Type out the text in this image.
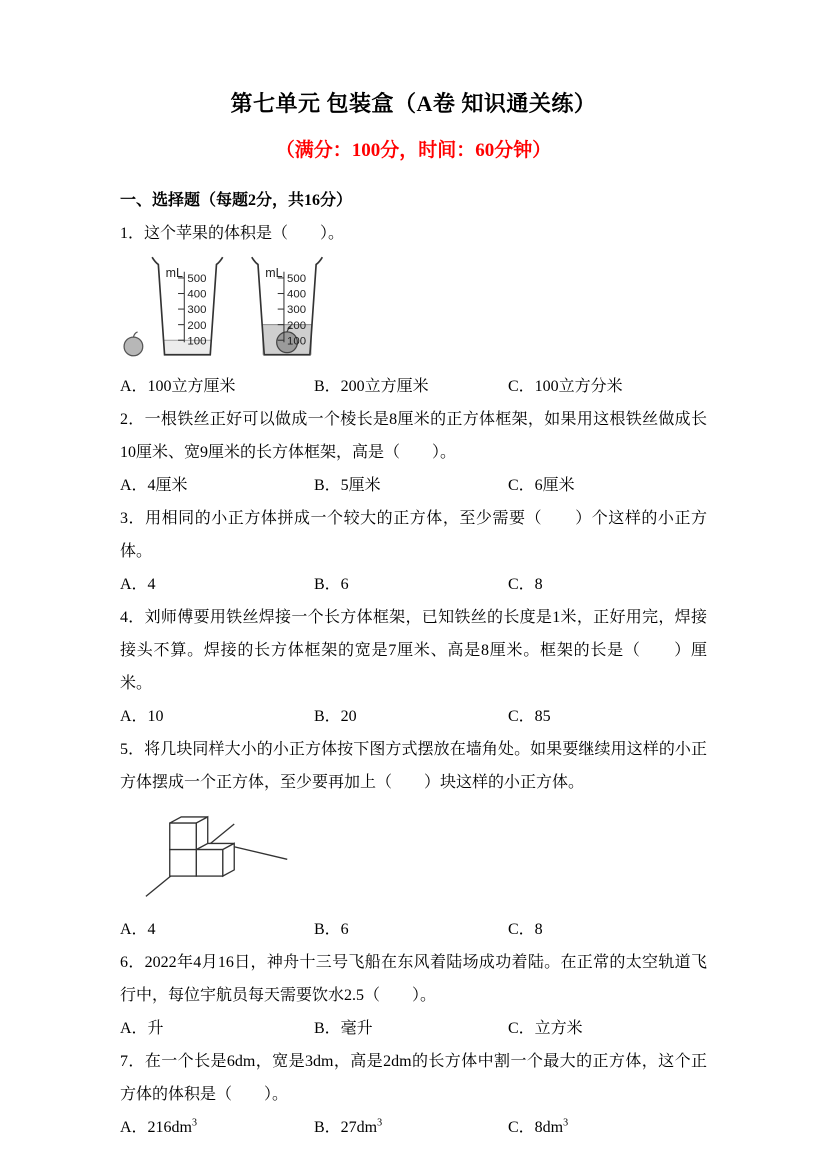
第七单元 包装盒（A卷 知识通关练）
（满分：100分，时间：60分钟）
一、选择题（每题2分，共16分）

1．这个苹果的体积是（　　）。

mL 500
400
300
200
100
mL 500
400
300
200
100
A．100立方厘米	B．200立方厘米	C．100立方分米

2．一根铁丝正好可以做成一个棱长是8厘米的正方体框架，如果用这根铁丝做成长10厘米、宽9厘米的长方体框架，高是（　　）。

A．4厘米	B．5厘米	C．6厘米

3．用相同的小正方体拼成一个较大的正方体，至少需要（　　）个这样的小正方体。

A．4	B．6	C．8

4．刘师傅要用铁丝焊接一个长方体框架，已知铁丝的长度是1米，正好用完，焊接接头不算。焊接的长方体框架的宽是7厘米、高是8厘米。框架的长是（　　）厘米。

A．10	B．20	C．85

5．将几块同样大小的小正方体按下图方式摆放在墙角处。如果要继续用这样的小正方体摆成一个正方体，至少要再加上（　　）块这样的小正方体。

A．4	B．6	C．8

6．2022年4月16日，神舟十三号飞船在东风着陆场成功着陆。在正常的太空轨道飞行中，每位宇航员每天需要饮水2.5（　　）。

A．升	B．毫升	C．立方米

7．在一个长是6dm，宽是3dm，高是2dm的长方体中割一个最大的正方体，这个正方体的体积是（　　）。

A．$216dm^3$	B．$27dm^3$	C．$8dm^3$
